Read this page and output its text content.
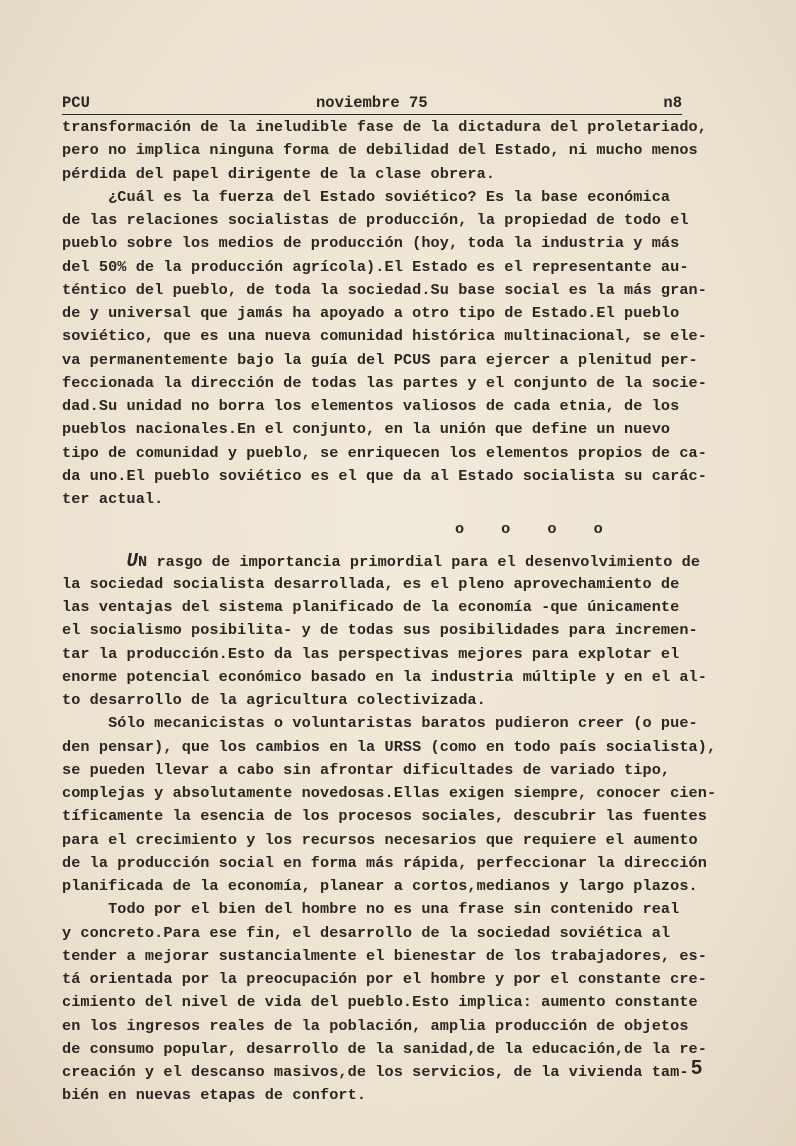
PCU	noviembre 75	n8
transformación de la ineludible fase de la dictadura del proletariado,
pero no implica ninguna forma de debilidad del Estado, ni mucho menos
pérdida del papel dirigente de la clase obrera.
¿Cuál es la fuerza del Estado soviético? Es la base económica
de las relaciones socialistas de producción, la propiedad de todo el
pueblo sobre los medios de producción (hoy, toda la industria y más
del 50% de la producción agrícola).El Estado es el representante au-
téntico del pueblo, de toda la sociedad.Su base social es la más gran-
de y universal que jamás ha apoyado a otro tipo de Estado.El pueblo
soviético, que es una nueva comunidad histórica multinacional, se ele-
va permanentemente bajo la guía del PCUS para ejercer a plenitud per-
feccionada la dirección de todas las partes y el conjunto de la socie-
dad.Su unidad no borra los elementos valiosos de cada etnia, de los
pueblos nacionales.En el conjunto, en la unión que define un nuevo
tipo de comunidad y pueblo, se enriquecen los elementos propios de ca-
da uno.El pueblo soviético es el que da al Estado socialista su carác-
ter actual.
o o o o
UN rasgo de importancia primordial para el desenvolvimiento de
la sociedad socialista desarrollada, es el pleno aprovechamiento de
las ventajas del sistema planificado de la economía -que únicamente
el socialismo posibilita- y de todas sus posibilidades para incremen-
tar la producción.Esto da las perspectivas mejores para explotar el
enorme potencial económico basado en la industria múltiple y en el al-
to desarrollo de la agricultura colectivizada.
Sólo mecanicistas o voluntaristas baratos pudieron creer (o pue-
den pensar), que los cambios en la URSS (como en todo país socialista),
se pueden llevar a cabo sin afrontar dificultades de variado tipo,
complejas y absolutamente novedosas.Ellas exigen siempre, conocer cien-
tíficamente la esencia de los procesos sociales, descubrir las fuentes
para el crecimiento y los recursos necesarios que requiere el aumento
de la producción social en forma más rápida, perfeccionar la dirección
planificada de la economía, planear a cortos,medianos y largo plazos.
Todo por el bien del hombre no es una frase sin contenido real
y concreto.Para ese fin, el desarrollo de la sociedad soviética al
tender a mejorar sustancialmente el bienestar de los trabajadores, es-
tá orientada por la preocupación por el hombre y por el constante cre-
cimiento del nivel de vida del pueblo.Esto implica: aumento constante
en los ingresos reales de la población, amplia producción de objetos
de consumo popular, desarrollo de la sanidad,de la educación,de la re-
creación y el descanso masivos,de los servicios, de la vivienda tam-
bién en nuevas etapas de confort.
5
